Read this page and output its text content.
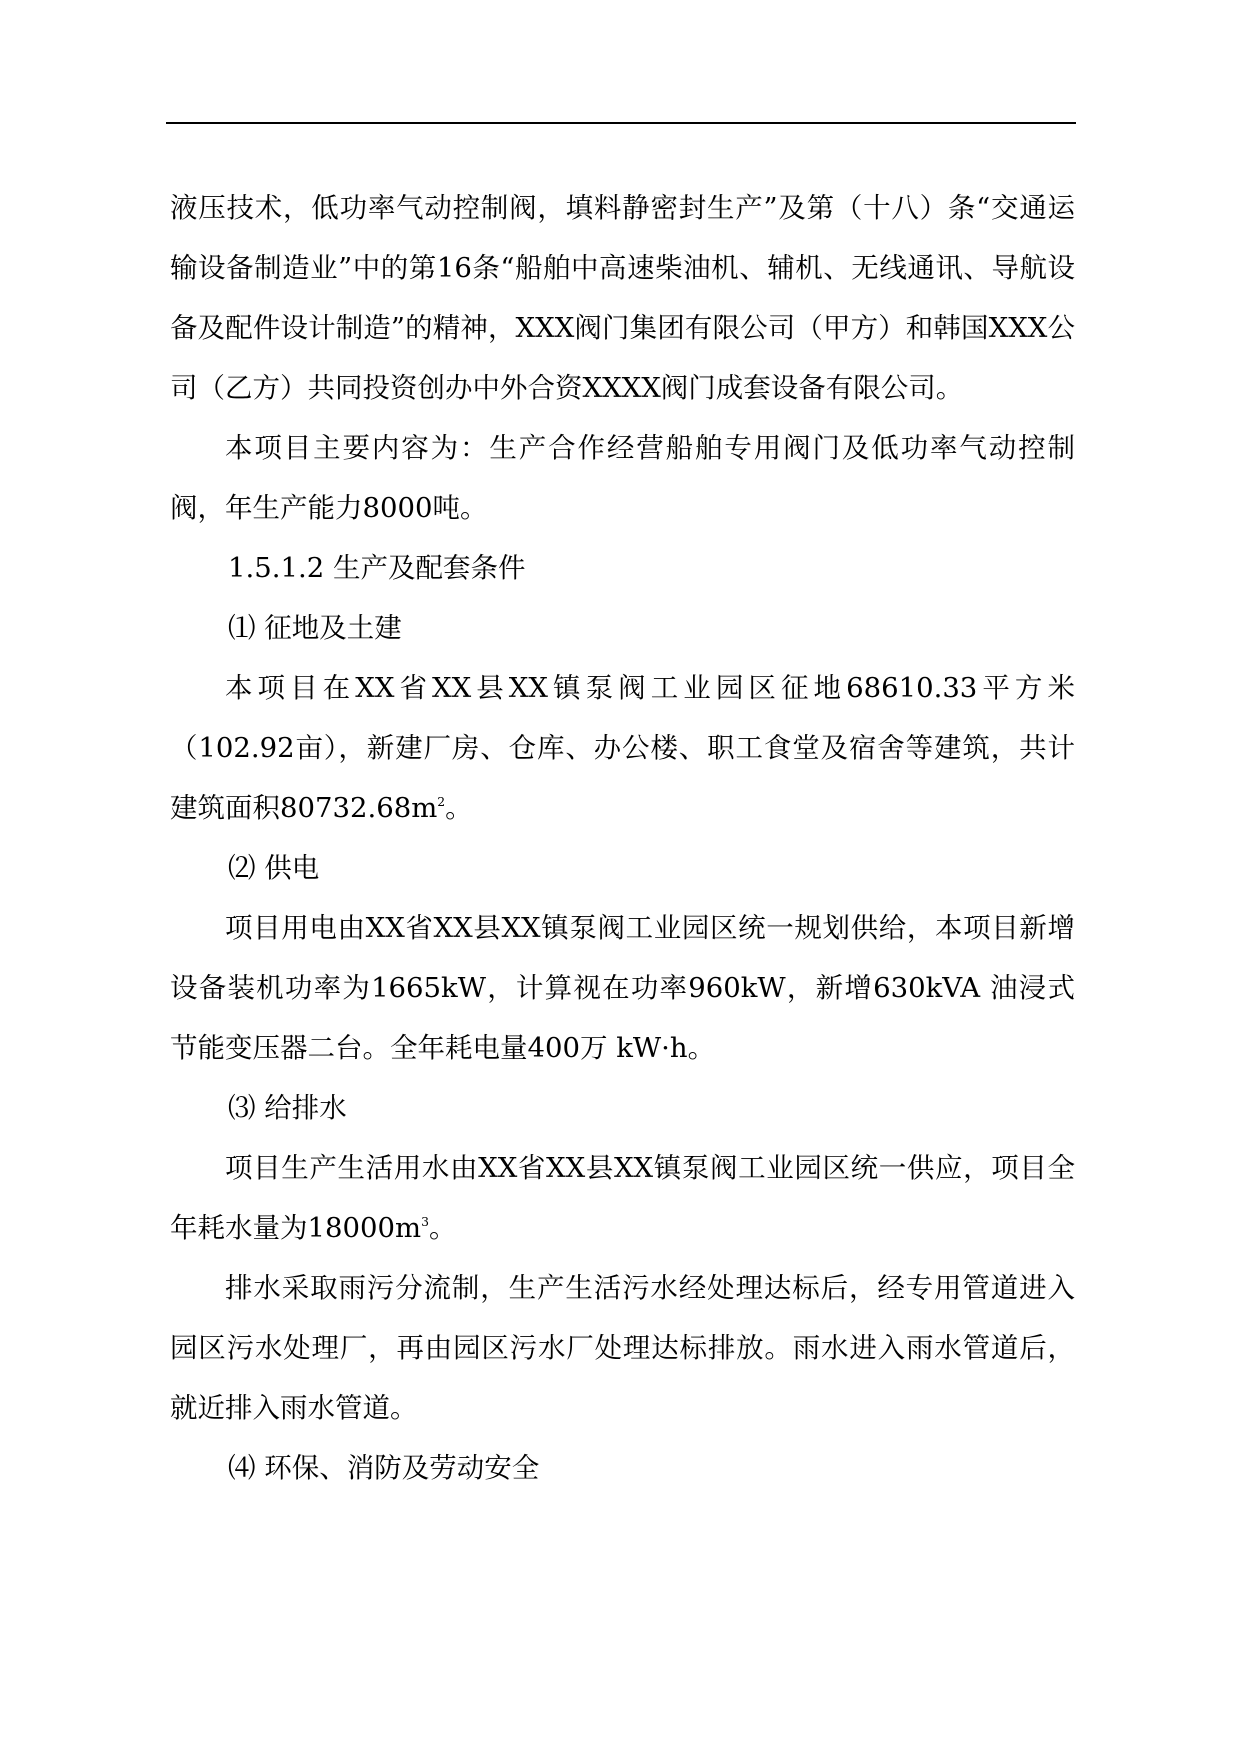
液压技术，低功率气动控制阀，填料静密封生产”及第（十八）条“交通运输设备制造业”中的第16条“船舶中高速柴油机、辅机、无线通讯、导航设备及配件设计制造”的精神，XXX阀门集团有限公司（甲方）和韩国XXX公司（乙方）共同投资创办中外合资XXXX阀门成套设备有限公司。

本项目主要内容为：生产合作经营船舶专用阀门及低功率气动控制阀，年生产能力8000吨。

1.5.1.2 生产及配套条件

⑴ 征地及土建

本项目在XX省XX县XX镇泵阀工业园区征地68610.33平方米（102.92亩），新建厂房、仓库、办公楼、职工食堂及宿舍等建筑，共计建筑面积$80732.68m^2$。

⑵ 供电

项目用电由XX省XX县XX镇泵阀工业园区统一规划供给，本项目新增设备装机功率为1665kW，计算视在功率960kW，新增630kVA 油浸式节能变压器二台。全年耗电量400万 kW·h。

⑶ 给排水

项目生产生活用水由XX省XX县XX镇泵阀工业园区统一供应，项目全年耗水量为$18000m^3$。

排水采取雨污分流制，生产生活污水经处理达标后，经专用管道进入园区污水处理厂，再由园区污水厂处理达标排放。雨水进入雨水管道后，就近排入雨水管道。

⑷ 环保、消防及劳动安全
